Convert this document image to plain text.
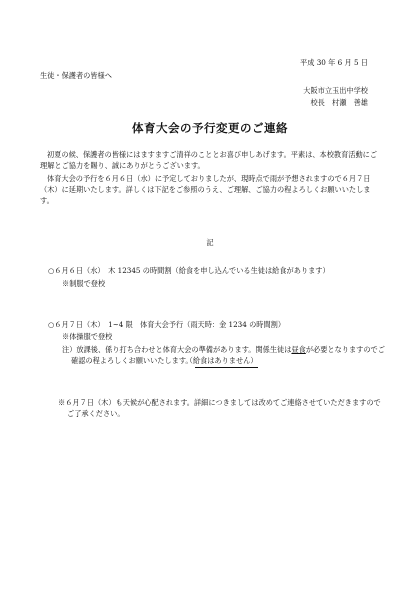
平成 30 年 6 月 5 日
生徒・保護者の皆様へ
大阪市立玉出中学校
校長　村瀬　善雄
体育大会の予行変更のご連絡
初夏の候、保護者の皆様にはますますご清祥のこととお喜び申しあげます。平素は、本校教育活動にご理解とご協力を賜り、誠にありがとうございます。
体育大会の予行を６月６日（水）に予定しておりましたが、現時点で雨が予想されますので６月７日（木）に延期いたします。詳しくは下記をご参照のうえ、ご理解、ご協力の程よろしくお願いいたします。
記
○６月６日（水）　木 12345 の時間割（給食を申し込んでいる生徒は給食があります）
※制服で登校
○６月７日（木）　1~4 限　体育大会予行（雨天時：金 1234 の時間割）
※体操服で登校
注）放課後、係り打ち合わせと体育大会の準備があります。関係生徒は昼食が必要となりますのでご確認の程よろしくお願いいたします。（給食はありません）
※６月７日（木）も天候が心配されます。詳細につきましては改めてご連絡させていただきますのでご了承ください。
